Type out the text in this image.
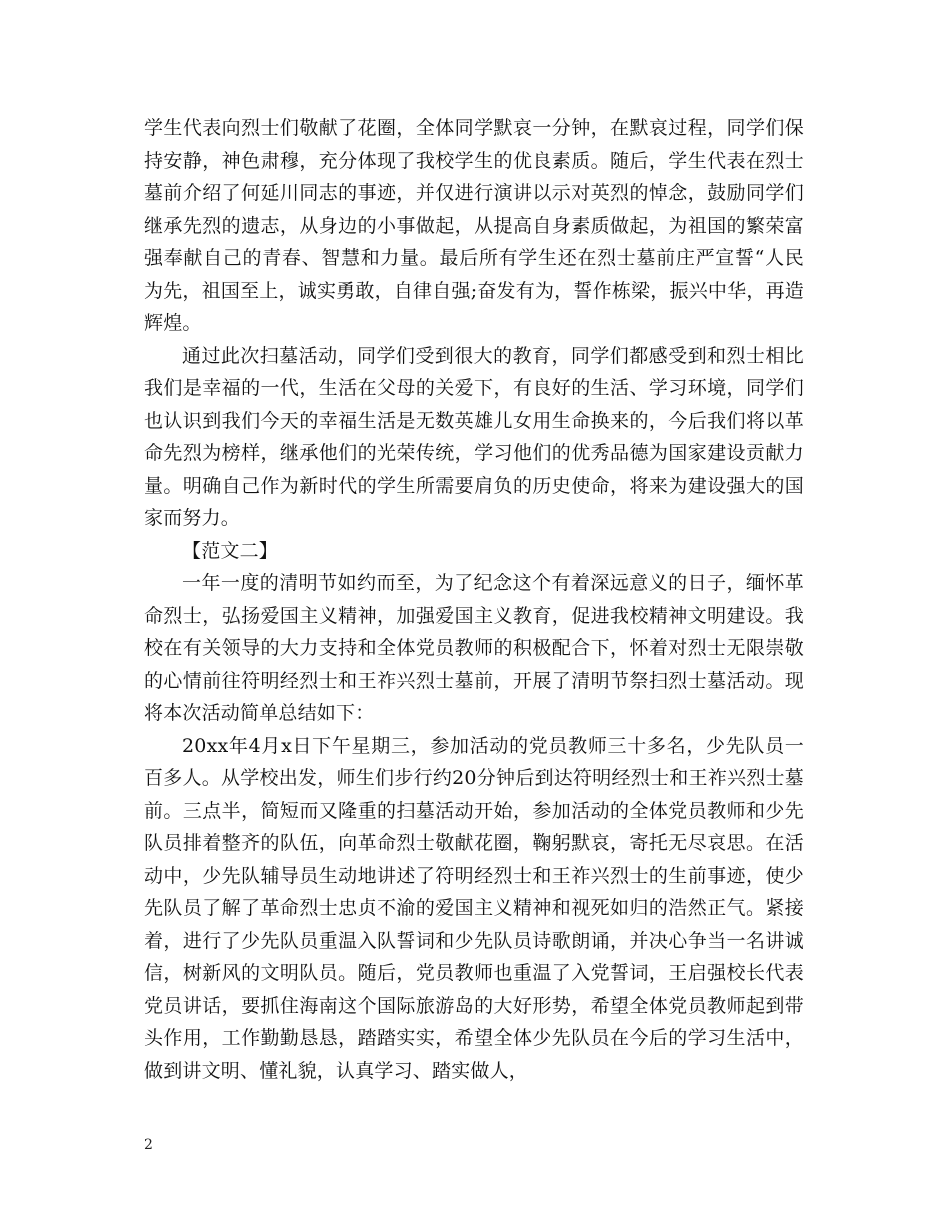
学生代表向烈士们敬献了花圈，全体同学默哀一分钟，在默哀过程，同学们保持安静，神色肃穆，充分体现了我校学生的优良素质。随后，学生代表在烈士墓前介绍了何延川同志的事迹，并仅进行演讲以示对英烈的悼念，鼓励同学们继承先烈的遗志，从身边的小事做起，从提高自身素质做起，为祖国的繁荣富强奉献自己的青春、智慧和力量。最后所有学生还在烈士墓前庄严宣誓“人民为先，祖国至上，诚实勇敢，自律自强;奋发有为，誓作栋梁，振兴中华，再造辉煌。

通过此次扫墓活动，同学们受到很大的教育，同学们都感受到和烈士相比我们是幸福的一代，生活在父母的关爱下，有良好的生活、学习环境，同学们也认识到我们今天的幸福生活是无数英雄儿女用生命换来的，今后我们将以革命先烈为榜样，继承他们的光荣传统，学习他们的优秀品德为国家建设贡献力量。明确自己作为新时代的学生所需要肩负的历史使命，将来为建设强大的国家而努力。

【范文二】

一年一度的清明节如约而至，为了纪念这个有着深远意义的日子，缅怀革命烈士，弘扬爱国主义精神，加强爱国主义教育，促进我校精神文明建设。我校在有关领导的大力支持和全体党员教师的积极配合下，怀着对烈士无限崇敬的心情前往符明经烈士和王祚兴烈士墓前，开展了清明节祭扫烈士墓活动。现将本次活动简单总结如下：

20xx年4月x日下午星期三，参加活动的党员教师三十多名，少先队员一百多人。从学校出发，师生们步行约20分钟后到达符明经烈士和王祚兴烈士墓前。三点半，简短而又隆重的扫墓活动开始，参加活动的全体党员教师和少先队员排着整齐的队伍，向革命烈士敬献花圈，鞠躬默哀，寄托无尽哀思。在活动中，少先队辅导员生动地讲述了符明经烈士和王祚兴烈士的生前事迹，使少先队员了解了革命烈士忠贞不渝的爱国主义精神和视死如归的浩然正气。紧接着，进行了少先队员重温入队誓词和少先队员诗歌朗诵，并决心争当一名讲诚信，树新风的文明队员。随后，党员教师也重温了入党誓词，王启强校长代表党员讲话，要抓住海南这个国际旅游岛的大好形势，希望全体党员教师起到带头作用，工作勤勤恳恳，踏踏实实，希望全体少先队员在今后的学习生活中，做到讲文明、懂礼貌，认真学习、踏实做人，

2
